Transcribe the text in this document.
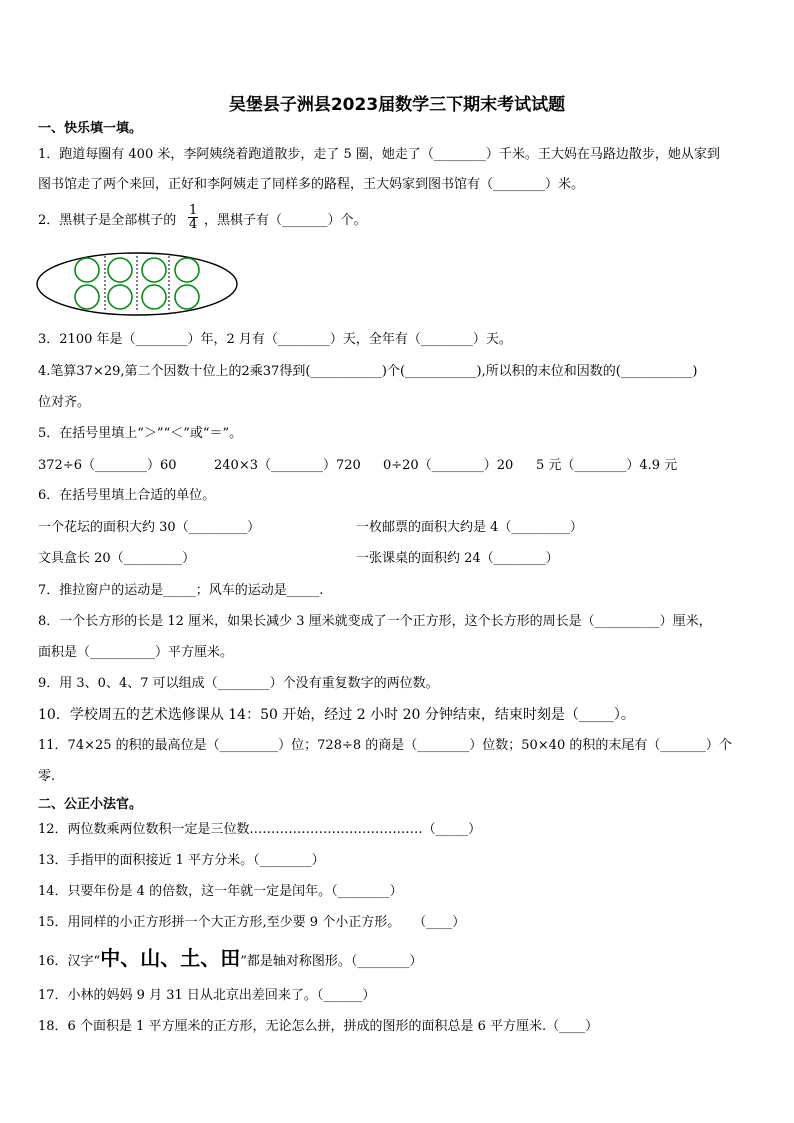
吴堡县子洲县2023届数学三下期末考试试题
一、快乐填一填。
1．跑道每圈有 400 米，李阿姨绕着跑道散步，走了 5 圈，她走了（________）千米。王大妈在马路边散步，她从家到
图书馆走了两个来回，正好和李阿姨走了同样多的路程，王大妈家到图书馆有（________）米。
2．黑棋子是全部棋子的 $\frac{1}{4}$ ，黑棋子有（_______）个。
3．2100 年是（________）年，2 月有（________）天，全年有（________）天。
4.笔算37×29,第二个因数十位上的2乘37得到(___________)个(___________),所以积的末位和因数的(___________)
位对齐。
5．在括号里填上“＞”“＜”或“＝”。
372÷6（________）60	240×3（________）720 0÷20（________）20 5 元（________）4.9 元
6．在括号里填上合适的单位。
一个花坛的面积大约 30（_________）	一枚邮票的面积大约是 4（_________）
文具盒长 20（_________）	一张课桌的面积约 24（________）
7．推拉窗户的运动是_____；风车的运动是_____.
8．一个长方形的长是 12 厘米，如果长减少 3 厘米就变成了一个正方形，这个长方形的周长是（__________）厘米，
面积是（__________）平方厘米。
9．用 3、0、4、7 可以组成（________）个没有重复数字的两位数。
10．学校周五的艺术选修课从 14：50 开始，经过 2 小时 20 分钟结束，结束时刻是（_____）。
11．74×25 的积的最高位是（_________）位；728÷8 的商是（________）位数；50×40 的积的末尾有（_______）个
零.
二、公正小法官。
12．两位数乘两位数积一定是三位数.…………………………………（_____）
13．手指甲的面积接近 1 平方分米。（________）
14．只要年份是 4 的倍数，这一年就一定是闰年。（________）
15．用同样的小正方形拼一个大正方形,至少要 9 个小正方形。　　（____）
16．汉字“中、山、土、田”都是轴对称图形。（________）
17．小林的妈妈 9 月 31 日从北京出差回来了。（______）
18．6 个面积是 1 平方厘米的正方形，无论怎么拼，拼成的图形的面积总是 6 平方厘米.（____）
